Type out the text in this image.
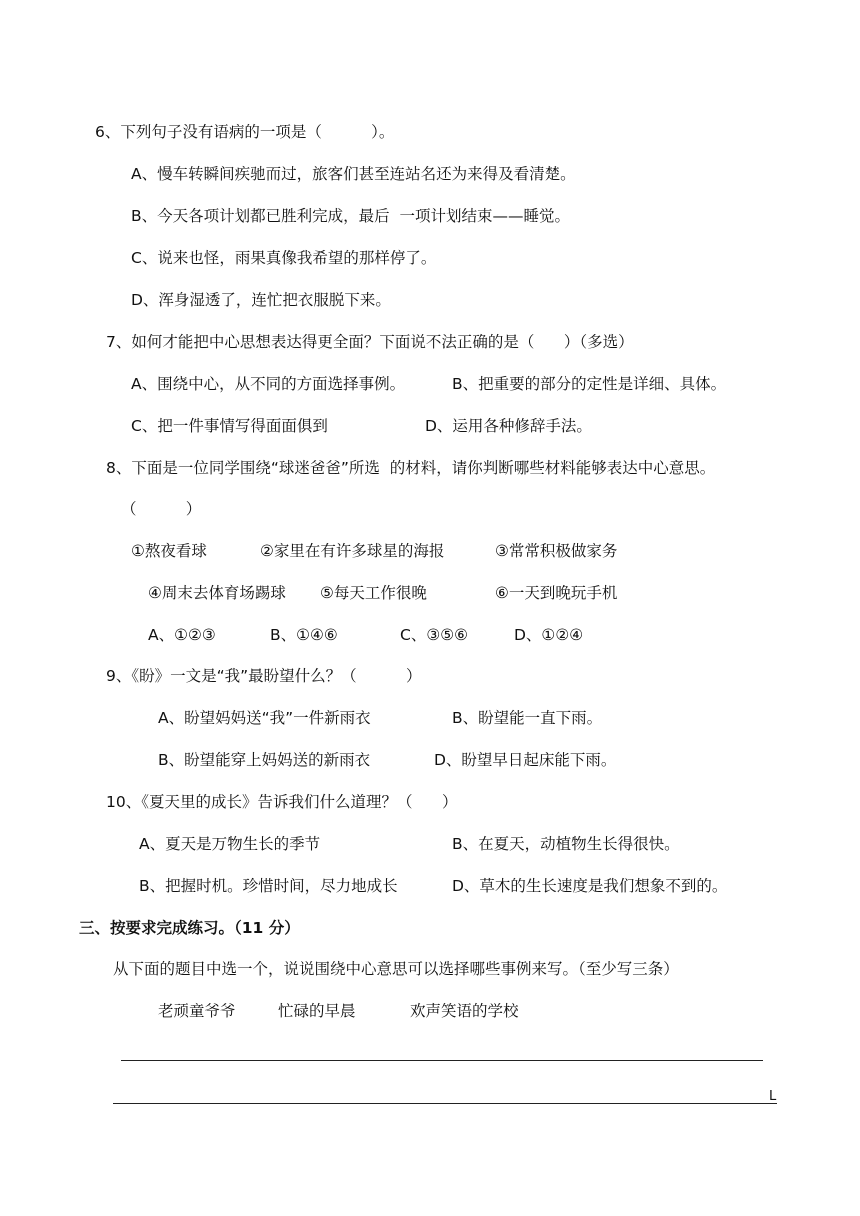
6、下列句子没有语病的一项是（          ）。
A、慢车转瞬间疾驰而过，旅客们甚至连站名还为来得及看清楚。
B、今天各项计划都已胜利完成，最后  一项计划结束——睡觉。
C、说来也怪，雨果真像我希望的那样停了。
D、浑身湿透了，连忙把衣服脱下来。
7、如何才能把中心思想表达得更全面？下面说不法正确的是（      ）（多选）
A、围绕中心，从不同的方面选择事例。	B、把重要的部分的定性是详细、具体。
C、把一件事情写得面面俱到	D、运用各种修辞手法。
8、下面是一位同学围绕“球迷爸爸”所选  的材料，请你判断哪些材料能够表达中心意思。
（          ）
①熬夜看球	②家里在有许多球星的海报	③常常积极做家务
④周末去体育场踢球 ⑤每天工作很晚	⑥一天到晚玩手机
A、①②③	B、①④⑥	C、③⑤⑥	D、①②④
9、《盼》一文是“我”最盼望什么？（          ）
A、盼望妈妈送“我”一件新雨衣	B、盼望能一直下雨。
B、盼望能穿上妈妈送的新雨衣	D、盼望早日起床能下雨。
10、《夏天里的成长》告诉我们什么道理？（      ）
A、夏天是万物生长的季节	B、在夏天，动植物生长得很快。
B、把握时机。珍惜时间，尽力地成长	D、草木的生长速度是我们想象不到的。
三、按要求完成练习。（11 分）
从下面的题目中选一个，说说围绕中心意思可以选择哪些事例来写。（至少写三条）
老顽童爷爷	忙碌的早晨	欢声笑语的学校
L
